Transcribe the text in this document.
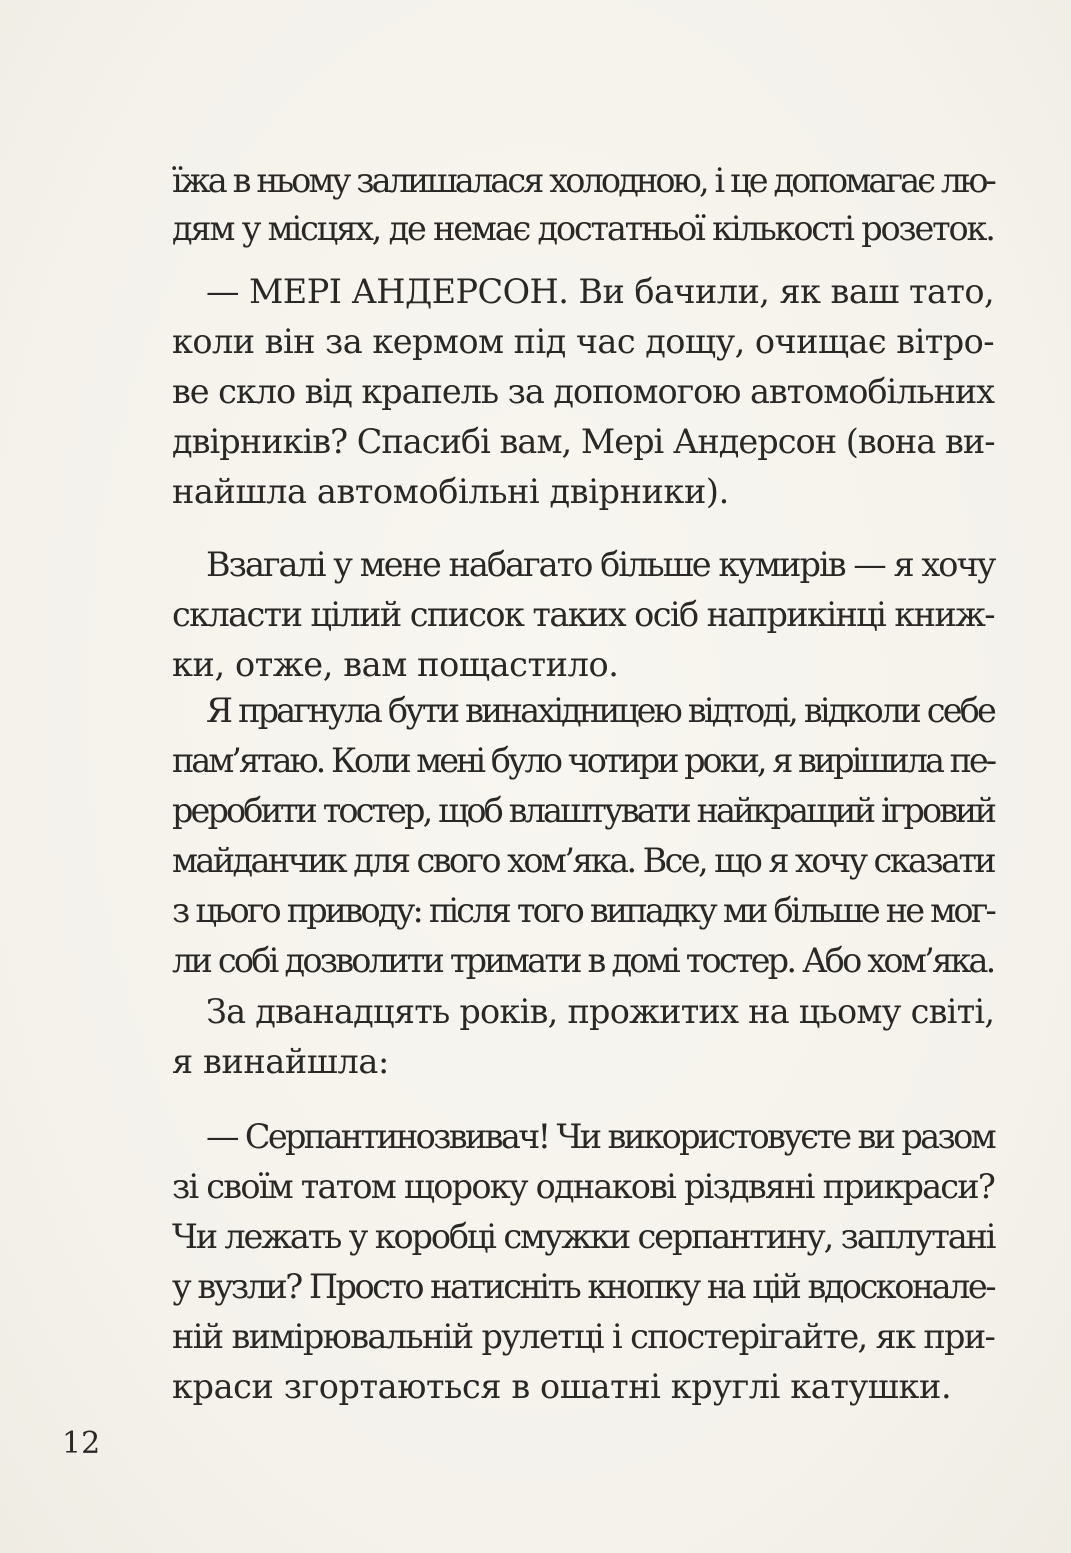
їжа в ньому залишалася холодною, і це допомагає лю-
дям у місцях, де немає достатньої кількості розеток.
— МЕРІ АНДЕРСОН. Ви бачили, як ваш тато,
коли він за кермом під час дощу, очищає вітро-
ве скло від крапель за допомогою автомобільних
двірників? Спасибі вам, Мері Андерсон (вона ви-
найшла автомобільні двірники).
Взагалі у мене набагато більше кумирів — я хочу
скласти цілий список таких осіб наприкінці книж-
ки, отже, вам пощастило.
Я прагнула бути винахідницею відтоді, відколи себе
пам’ятаю. Коли мені було чотири роки, я вирішила пе-
реробити тостер, щоб влаштувати найкращий ігровий
майданчик для свого хом’яка. Все, що я хочу сказати
з цього приводу: після того випадку ми більше не мог-
ли собі дозволити тримати в домі тостер. Або хом’яка.
За дванадцять років, прожитих на цьому світі,
я винайшла:
— Серпантинозвивач! Чи використовуєте ви разом
зі своїм татом щороку однакові різдвяні прикраси?
Чи лежать у коробці смужки серпантину, заплутані
у вузли? Просто натисніть кнопку на цій вдосконале-
ній вимірювальній рулетці і спостерігайте, як при-
краси згортаються в ошатні круглі катушки.
12
